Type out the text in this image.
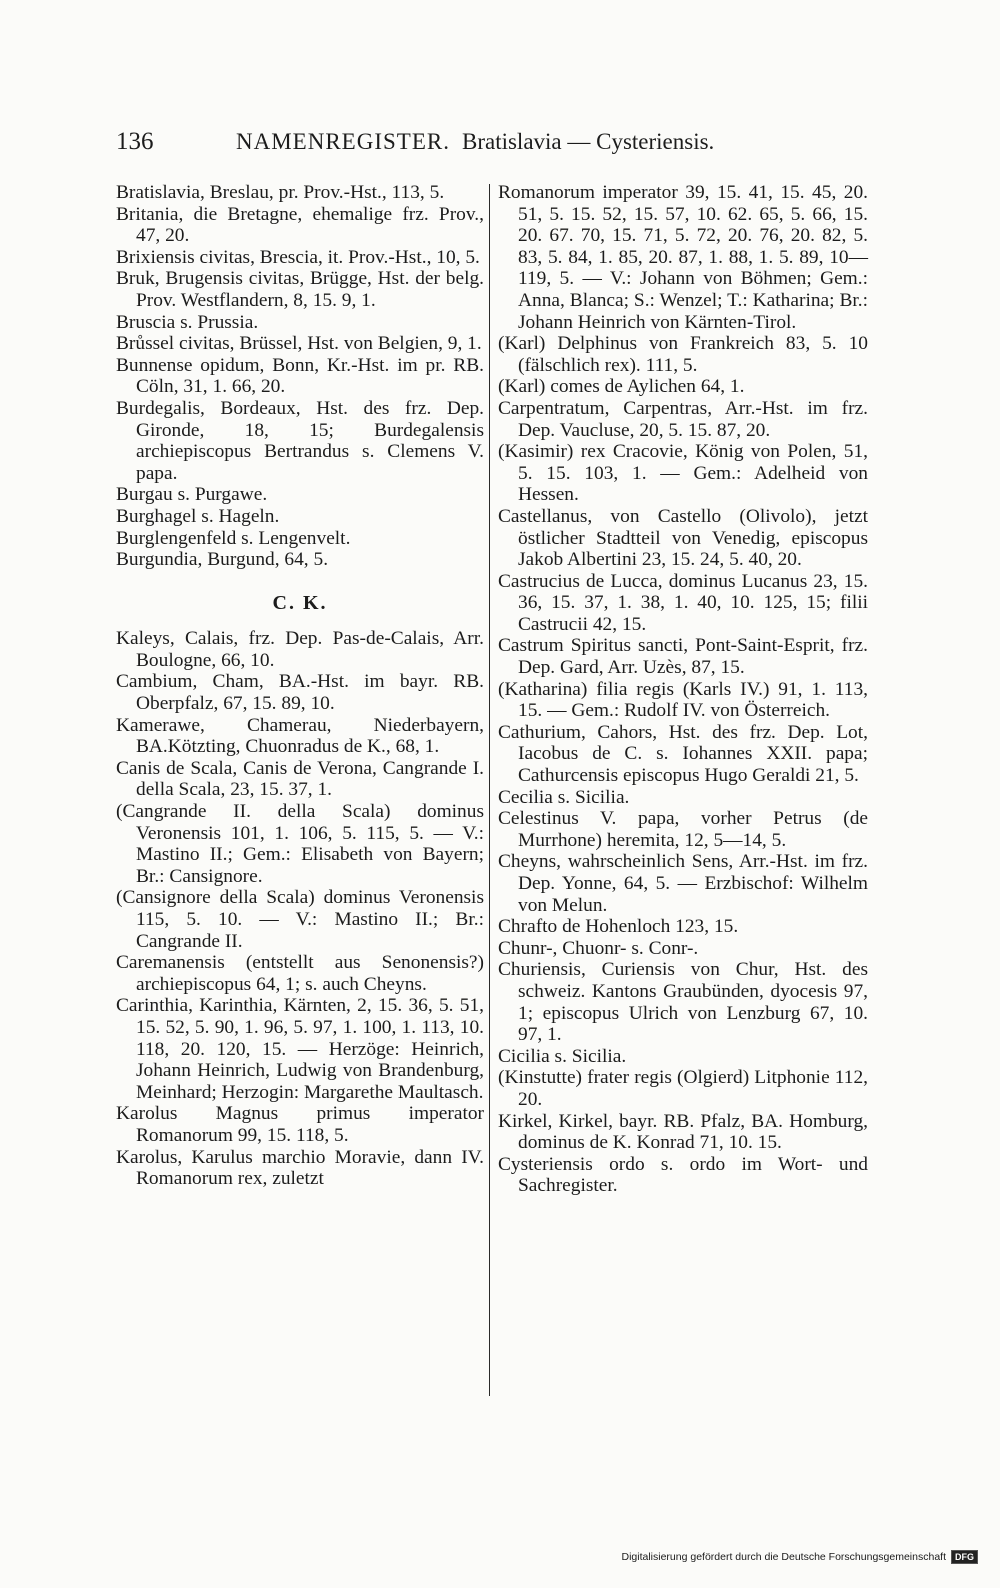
136	NAMENREGISTER. Bratislavia — Cysteriensis.

Bratislavia, Breslau, pr. Prov.-Hst., 113, 5.

Britania, die Bretagne, ehemalige frz. Prov., 47, 20.

Brixiensis civitas, Brescia, it. Prov.-Hst., 10, 5.

Bruk, Brugensis civitas, Brügge, Hst. der belg. Prov. Westflandern, 8, 15. 9, 1.

Bruscia s. Prussia.

Brůssel civitas, Brüssel, Hst. von Belgien, 9, 1.

Bunnense opidum, Bonn, Kr.-Hst. im pr. RB. Cöln, 31, 1. 66, 20.

Burdegalis, Bordeaux, Hst. des frz. Dep. Gironde, 18, 15; Burdegalensis archiepiscopus Bertrandus s. Clemens V. papa.

Burgau s. Purgawe.

Burghagel s. Hageln.

Burglengenfeld s. Lengenvelt.

Burgundia, Burgund, 64, 5.

C. K.

Kaleys, Calais, frz. Dep. Pas-de-Calais, Arr. Boulogne, 66, 10.

Cambium, Cham, BA.-Hst. im bayr. RB. Oberpfalz, 67, 15. 89, 10.

Kamerawe, Chamerau, Niederbayern, BA.Kötzting, Chuonradus de K., 68, 1.

Canis de Scala, Canis de Verona, Cangrande I. della Scala, 23, 15. 37, 1.

(Cangrande II. della Scala) dominus Veronensis 101, 1. 106, 5. 115, 5. — V.: Mastino II.; Gem.: Elisabeth von Bayern; Br.: Cansignore.

(Cansignore della Scala) dominus Veronensis 115, 5. 10. — V.: Mastino II.; Br.: Cangrande II.

Caremanensis (entstellt aus Senonensis?) archiepiscopus 64, 1; s. auch Cheyns.

Carinthia, Karinthia, Kärnten, 2, 15. 36, 5. 51, 15. 52, 5. 90, 1. 96, 5. 97, 1. 100, 1. 113, 10. 118, 20. 120, 15. — Herzöge: Heinrich, Johann Heinrich, Ludwig von Brandenburg, Meinhard; Herzogin: Margarethe Maultasch.

Karolus Magnus primus imperator Romanorum 99, 15. 118, 5.

Karolus, Karulus marchio Moravie, dann IV. Romanorum rex, zuletzt

Romanorum imperator 39, 15. 41, 15. 45, 20. 51, 5. 15. 52, 15. 57, 10. 62. 65, 5. 66, 15. 20. 67. 70, 15. 71, 5. 72, 20. 76, 20. 82, 5. 83, 5. 84, 1. 85, 20. 87, 1. 88, 1. 5. 89, 10—119, 5. — V.: Johann von Böhmen; Gem.: Anna, Blanca; S.: Wenzel; T.: Katharina; Br.: Johann Heinrich von Kärnten-Tirol.

(Karl) Delphinus von Frankreich 83, 5. 10 (fälschlich rex). 111, 5.

(Karl) comes de Aylichen 64, 1.

Carpentratum, Carpentras, Arr.-Hst. im frz. Dep. Vaucluse, 20, 5. 15. 87, 20.

(Kasimir) rex Cracovie, König von Polen, 51, 5. 15. 103, 1. — Gem.: Adelheid von Hessen.

Castellanus, von Castello (Olivolo), jetzt östlicher Stadtteil von Venedig, episcopus Jakob Albertini 23, 15. 24, 5. 40, 20.

Castrucius de Lucca, dominus Lucanus 23, 15. 36, 15. 37, 1. 38, 1. 40, 10. 125, 15; filii Castrucii 42, 15.

Castrum Spiritus sancti, Pont-Saint-Esprit, frz. Dep. Gard, Arr. Uzès, 87, 15.

(Katharina) filia regis (Karls IV.) 91, 1. 113, 15. — Gem.: Rudolf IV. von Österreich.

Cathurium, Cahors, Hst. des frz. Dep. Lot, Iacobus de C. s. Iohannes XXII. papa; Cathurcensis episcopus Hugo Geraldi 21, 5.

Cecilia s. Sicilia.

Celestinus V. papa, vorher Petrus (de Murrhone) heremita, 12, 5—14, 5.

Cheyns, wahrscheinlich Sens, Arr.-Hst. im frz. Dep. Yonne, 64, 5. — Erzbischof: Wilhelm von Melun.

Chrafto de Hohenloch 123, 15.

Chunr-, Chuonr- s. Conr-.

Churiensis, Curiensis von Chur, Hst. des schweiz. Kantons Graubünden, dyocesis 97, 1; episcopus Ulrich von Lenzburg 67, 10. 97, 1.

Cicilia s. Sicilia.

(Kinstutte) frater regis (Olgierd) Litphonie 112, 20.

Kirkel, Kirkel, bayr. RB. Pfalz, BA. Homburg, dominus de K. Konrad 71, 10. 15.

Cysteriensis ordo s. ordo im Wort- und Sachregister.

Digitalisierung gefördert durch die Deutsche Forschungsgemeinschaft	DFG
